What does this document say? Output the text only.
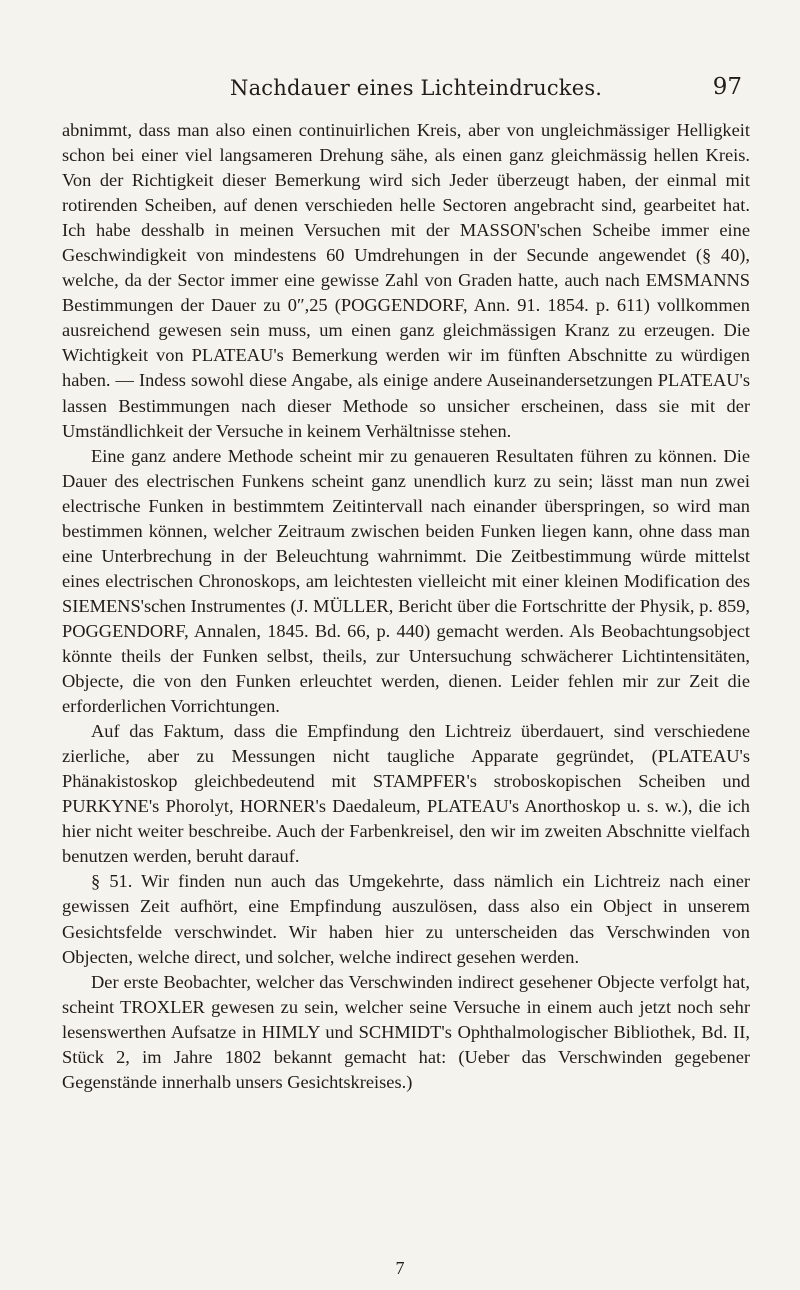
Nachdauer eines Lichteindruckes.	97

abnimmt, dass man also einen continuirlichen Kreis, aber von ungleichmässiger Helligkeit schon bei einer viel langsameren Drehung sähe, als einen ganz gleichmässig hellen Kreis. Von der Richtigkeit dieser Bemerkung wird sich Jeder überzeugt haben, der einmal mit rotirenden Scheiben, auf denen verschieden helle Sectoren angebracht sind, gearbeitet hat. Ich habe desshalb in meinen Versuchen mit der MASSON'schen Scheibe immer eine Geschwindigkeit von mindestens 60 Umdrehungen in der Secunde angewendet (§ 40), welche, da der Sector immer eine gewisse Zahl von Graden hatte, auch nach EMSMANNS Bestimmungen der Dauer zu 0″,25 (POGGENDORF, Ann. 91. 1854. p. 611) vollkommen ausreichend gewesen sein muss, um einen ganz gleichmässigen Kranz zu erzeugen. Die Wichtigkeit von PLATEAU's Bemerkung werden wir im fünften Abschnitte zu würdigen haben. — Indess sowohl diese Angabe, als einige andere Auseinandersetzungen PLATEAU's lassen Bestimmungen nach dieser Methode so unsicher erscheinen, dass sie mit der Umständlichkeit der Versuche in keinem Verhältnisse stehen.

Eine ganz andere Methode scheint mir zu genaueren Resultaten führen zu können. Die Dauer des electrischen Funkens scheint ganz unendlich kurz zu sein; lässt man nun zwei electrische Funken in bestimmtem Zeitintervall nach einander überspringen, so wird man bestimmen können, welcher Zeitraum zwischen beiden Funken liegen kann, ohne dass man eine Unterbrechung in der Beleuchtung wahrnimmt. Die Zeitbestimmung würde mittelst eines electrischen Chronoskops, am leichtesten vielleicht mit einer kleinen Modification des SIEMENS'schen Instrumentes (J. MÜLLER, Bericht über die Fortschritte der Physik, p. 859, POGGENDORF, Annalen, 1845. Bd. 66, p. 440) gemacht werden. Als Beobachtungsobject könnte theils der Funken selbst, theils, zur Untersuchung schwächerer Lichtintensitäten, Objecte, die von den Funken erleuchtet werden, dienen. Leider fehlen mir zur Zeit die erforderlichen Vorrichtungen.

Auf das Faktum, dass die Empfindung den Lichtreiz überdauert, sind verschiedene zierliche, aber zu Messungen nicht taugliche Apparate gegründet, (PLATEAU's Phänakistoskop gleichbedeutend mit STAMPFER's stroboskopischen Scheiben und PURKYNE's Phorolyt, HORNER's Daedaleum, PLATEAU's Anorthoskop u. s. w.), die ich hier nicht weiter beschreibe. Auch der Farbenkreisel, den wir im zweiten Abschnitte vielfach benutzen werden, beruht darauf.

§ 51. Wir finden nun auch das Umgekehrte, dass nämlich ein Lichtreiz nach einer gewissen Zeit aufhört, eine Empfindung auszulösen, dass also ein Object in unserem Gesichtsfelde verschwindet. Wir haben hier zu unterscheiden das Verschwinden von Objecten, welche direct, und solcher, welche indirect gesehen werden.

Der erste Beobachter, welcher das Verschwinden indirect gesehener Objecte verfolgt hat, scheint TROXLER gewesen zu sein, welcher seine Versuche in einem auch jetzt noch sehr lesenswerthen Aufsatze in HIMLY und SCHMIDT's Ophthalmologischer Bibliothek, Bd. II, Stück 2, im Jahre 1802 bekannt gemacht hat: (Ueber das Verschwinden gegebener Gegenstände innerhalb unsers Gesichtskreises.)

7
